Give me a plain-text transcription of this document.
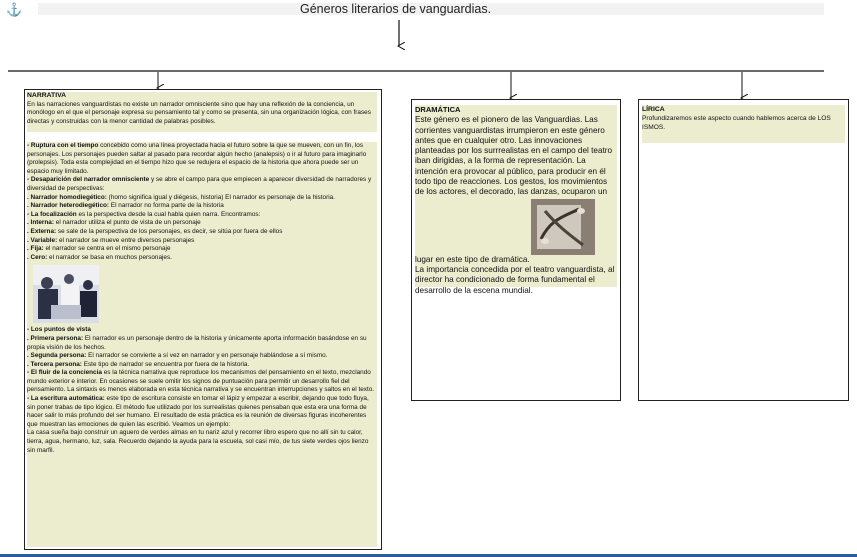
⚓	Géneros literarios de vanguardias.
NARRATIVA
En las narraciones vanguardistas no existe un narrador omnisciente sino que hay una reflexión de la conciencia, un monólogo en el que el personaje expresa su pensamiento tal y como se presenta, sin una organización lógica, con frases directas y construidas con la menor cantidad de palabras posibles.
- Ruptura con el tiempo concebido como una línea proyectada hacia el futuro sobre la que se mueven, con un fin, los personajes. Los personajes pueden saltar al pasado para recordar algún hecho (analepsis) o ir al futuro para imaginarlo (prolepsis). Toda esta complejidad en el tiempo hizo que se redujera el espacio de la historia que ahora puede ser un espacio muy limitado.
- Desaparición del narrador omnisciente y se abre el campo para que empiecen a aparecer diversidad de narradores y diversidad de perspectivas:
. Narrador homodiegético: (homo significa igual y diégesis, historia) El narrador es personaje de la historia.
. Narrador heterodiegético: El narrador no forma parte de la historia
- La focalización es la perspectiva desde la cual habla quien narra. Encontramos:
. Interna: el narrador utiliza el punto de vista de un personaje
. Externa: se sale de la perspectiva de los personajes, es decir, se sitúa por fuera de ellos
. Variable: el narrador se mueve entre diversos personajes
. Fija: el narrador se centra en el mismo personaje
. Cero: el narrador se basa en muchos personajes.
- Los puntos de vista
. Primera persona: El narrador es un personaje dentro de la historia y únicamente aporta información basándose en su propia visión de los hechos.
. Segunda persona: El narrador se convierte a sí vez en narrador y en personaje hablándose a sí mismo.
. Tercera persona: Este tipo de narrador se encuentra por fuera de la historia.
- El fluir de la conciencia es la técnica narrativa que reproduce los mecanismos del pensamiento en el texto, mezclando mundo exterior e interior. En ocasiones se suele omitir los signos de puntuación para permitir un desarrollo fiel del pensamiento. La sintaxis es menos elaborada en esta técnica narrativa y se encuentran interrupciones y saltos en el texto.
- La escritura automática: este tipo de escritura consiste en tomar el lápiz y empezar a escribir, dejando que todo fluya, sin poner trabas de tipo lógico. El método fue utilizado por los surrealistas quienes pensaban que esta era una forma de hacer salir lo más profundo del ser humano. El resultado de esta práctica es la reunión de diversas figuras incoherentes que muestran las emociones de quien las escribió. Veamos un ejemplo:
La casa sueña bajo construir un aguero de verdes almas en tu nariz azul y recorrer libro espero que no allí sin tu calor, tierra, agua, hermano, luz, sala. Recuerdo dejando la ayuda para la escuela, sol casi mío, de tus siete verdes ojos lienzo sin marfil.
DRAMÁTICA
Este género es el pionero de las Vanguardias. Las corrientes vanguardistas irrumpieron en este género antes que en cualquier otro. Las innovaciones planteadas por los surrrealistas en el campo del teatro iban dirigidas, a la forma de representación. La intención era provocar al público, para producir en él todo tipo de reacciones. Los gestos, los movimientos de los actores, el decorado, las danzas, ocuparon un
lugar en este tipo de dramática.
La importancia concedida por el teatro vanguardista, al director ha condicionado de forma fundamental el desarrollo de la escena mundial.
LÍRICA
Profundizaremos este aspecto cuando hablemos acerca de LOS ISMOS.
